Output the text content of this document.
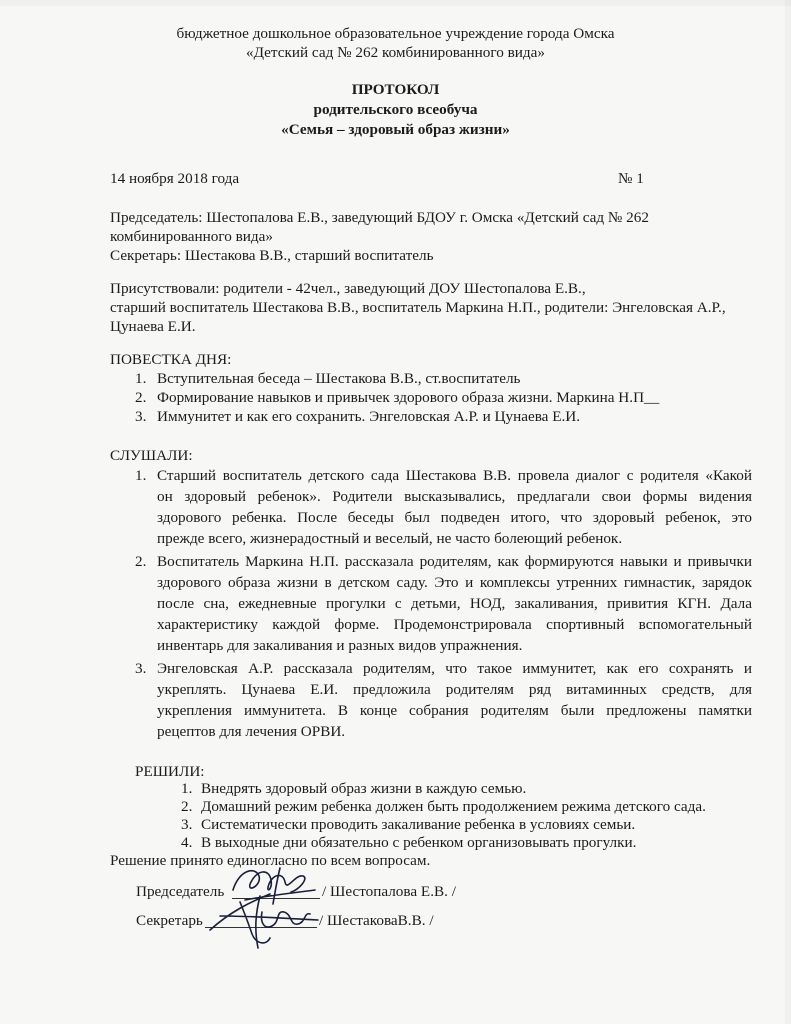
бюджетное дошкольное образовательное учреждение города Омска
«Детский сад № 262 комбинированного вида»
ПРОТОКОЛ
родительского всеобуча
«Семья – здоровый образ жизни»
14 ноября 2018 года	№ 1
Председатель: Шестопалова Е.В., заведующий БДОУ г. Омска «Детский сад № 262
комбинированного вида»
Секретарь: Шестакова В.В., старший воспитатель
Присутствовали: родители - 42чел., заведующий ДОУ Шестопалова Е.В.,
старший воспитатель Шестакова В.В., воспитатель Маркина Н.П., родители: Энгеловская А.Р.,
Цунаева Е.И.
ПОВЕСТКА ДНЯ:
1. Вступительная беседа – Шестакова В.В., ст.воспитатель
2. Формирование навыков и привычек здорового образа жизни. Маркина Н.П__
3. Иммунитет и как его сохранить. Энгеловская А.Р. и Цунаева Е.И.
СЛУШАЛИ:
1. Старший воспитатель детского сада Шестакова В.В. провела диалог с родителя «Какой
он здоровый ребенок». Родители высказывались, предлагали свои формы видения
здорового ребенка. После беседы был подведен итого, что здоровый ребенок, это
прежде всего, жизнерадостный и веселый, не часто болеющий ребенок.
2. Воспитатель Маркина Н.П. рассказала родителям, как формируются навыки и привычки
здорового образа жизни в детском саду. Это и комплексы утренних гимнастик, зарядок
после сна, ежедневные прогулки с детьми, НОД, закаливания, привития КГН. Дала
характеристику каждой форме. Продемонстрировала спортивный вспомогательный
инвентарь для закаливания и разных видов упражнения.
3. Энгеловская А.Р. рассказала родителям, что такое иммунитет, как его сохранять и
укреплять. Цунаева Е.И. предложила родителям ряд витаминных средств, для
укрепления иммунитета. В конце собрания родителям были предложены памятки
рецептов для лечения ОРВИ.
РЕШИЛИ:
1. Внедрять здоровый образ жизни в каждую семью.
2. Домашний режим ребенка должен быть продолжением режима детского сада.
3. Систематически проводить закаливание ребенка в условиях семьи.
4. В выходные дни обязательно с ребенком организовывать прогулки.
Решение принято единогласно по всем вопросам.
Председатель	/ Шестопалова Е.В. /
Секретарь	/ ШестаковаВ.В. /
